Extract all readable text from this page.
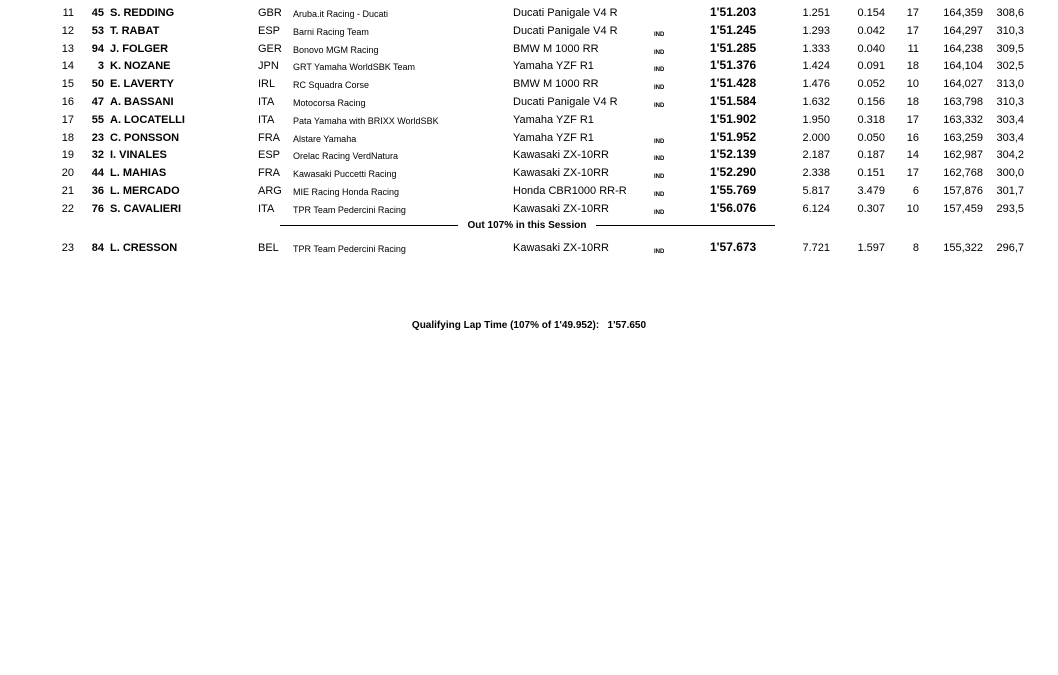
11	45 S. REDDING	GBR Aruba.it Racing - Ducati	Ducati Panigale V4 R	1'51.203	1.251	0.154	17	164,359	308,6
12	53 T. RABAT	ESP Barni Racing Team	Ducati Panigale V4 R	IND	1'51.245	1.293	0.042	17	164,297	310,3
13	94 J. FOLGER	GER Bonovo MGM Racing	BMW M 1000 RR	IND	1'51.285	1.333	0.040	11	164,238	309,5
14	3 K. NOZANE	JPN GRT Yamaha WorldSBK Team	Yamaha YZF R1	IND	1'51.376	1.424	0.091	18	164,104	302,5
15	50 E. LAVERTY	IRL RC Squadra Corse	BMW M 1000 RR	IND	1'51.428	1.476	0.052	10	164,027	313,0
16	47 A. BASSANI	ITA Motocorsa Racing	Ducati Panigale V4 R	IND	1'51.584	1.632	0.156	18	163,798	310,3
17	55 A. LOCATELLI	ITA Pata Yamaha with BRIXX WorldSBK	Yamaha YZF R1	1'51.902	1.950	0.318	17	163,332	303,4
18	23 C. PONSSON	FRA Alstare Yamaha	Yamaha YZF R1	IND	1'51.952	2.000	0.050	16	163,259	303,4
19	32 I. VINALES	ESP Orelac Racing VerdNatura	Kawasaki ZX-10RR	IND	1'52.139	2.187	0.187	14	162,987	304,2
20	44 L. MAHIAS	FRA Kawasaki Puccetti Racing	Kawasaki ZX-10RR	IND	1'52.290	2.338	0.151	17	162,768	300,0
21	36 L. MERCADO	ARG MIE Racing Honda Racing	Honda CBR1000 RR-R	IND	1'55.769	5.817	3.479	6	157,876	301,7
22	76 S. CAVALIERI	ITA TPR Team Pedercini Racing	Kawasaki ZX-10RR	IND	1'56.076	6.124	0.307	10	157,459	293,5
Out 107% in this Session
23	84 L. CRESSON	BEL TPR Team Pedercini Racing	Kawasaki ZX-10RR	IND	1'57.673	7.721	1.597	8	155,322	296,7
Qualifying Lap Time (107% of 1'49.952): 1'57.650
